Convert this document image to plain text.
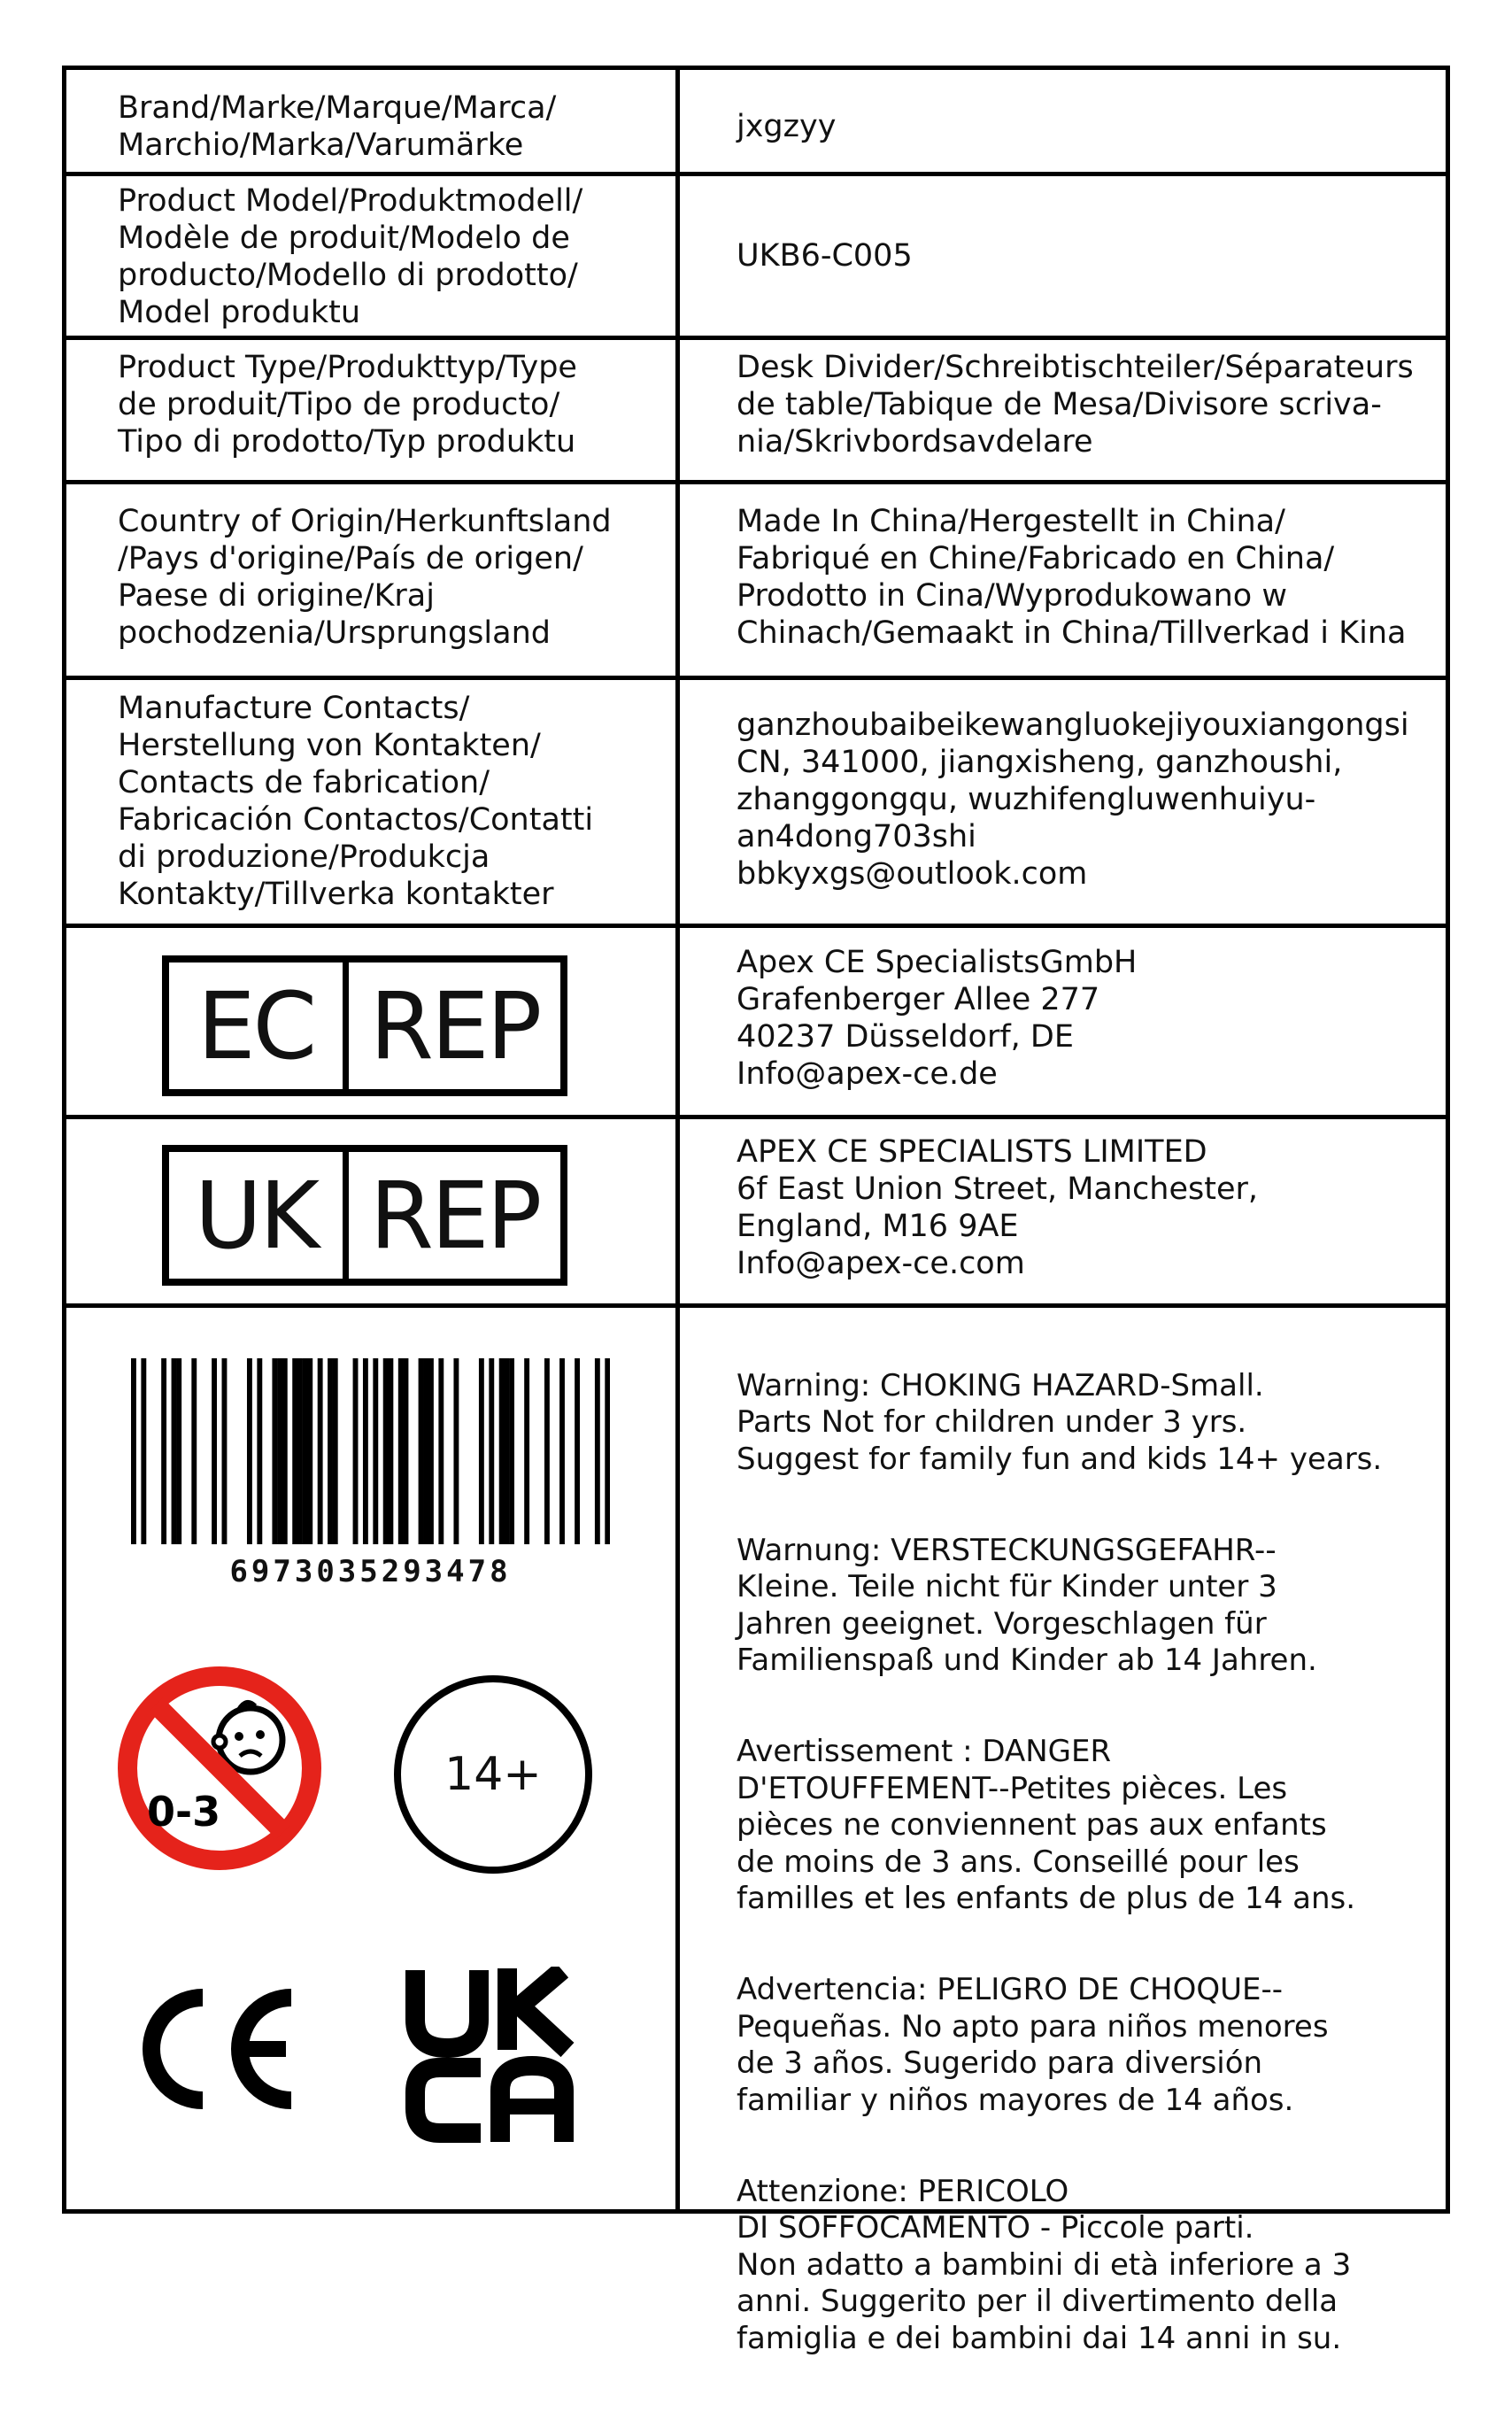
Brand/Marke/Marque/Marca/
Marchio/Marka/Varumärke
jxgzyy
Product Model/Produktmodell/
Modèle de produit/Modelo de
producto/Modello di prodotto/
Model produktu
UKB6-C005
Product Type/Produkttyp/Type
de produit/Tipo de producto/
Tipo di prodotto/Typ produktu
Desk Divider/Schreibtischteiler/Séparateurs
de table/Tabique de Mesa/Divisore scriva-
nia/Skrivbordsavdelare
Country of Origin/Herkunftsland
/Pays d'origine/País de origen/
Paese di origine/Kraj
pochodzenia/Ursprungsland
Made In China/Hergestellt in China/
Fabriqué en Chine/Fabricado en China/
Prodotto in Cina/Wyprodukowano w
Chinach/Gemaakt in China/Tillverkad i Kina
Manufacture Contacts/
Herstellung von Kontakten/
Contacts de fabrication/
Fabricación Contactos/Contatti
di produzione/Produkcja
Kontakty/Tillverka kontakter
ganzhoubaibeikewangluokejiyouxiangongsi
CN, 341000, jiangxisheng, ganzhoushi,
zhanggongqu, wuzhifengluwenhuiyu-
an4dong703shi
bbkyxgs@outlook.com
EC REP
Apex CE SpecialistsGmbH
Grafenberger Allee 277
40237 Düsseldorf, DE
Info@apex-ce.de
UK REP
APEX CE SPECIALISTS LIMITED
6f East Union Street, Manchester,
England, M16 9AE
Info@apex-ce.com
6973035293478
0-3
14+

Warning: CHOKING HAZARD-Small.
Parts Not for children under 3 yrs.
Suggest for family fun and kids 14+ years.

Warnung: VERSTECKUNGSGEFAHR--
Kleine. Teile nicht für Kinder unter 3
Jahren geeignet. Vorgeschlagen für
Familienspaß und Kinder ab 14 Jahren.

Avertissement : DANGER
D'ETOUFFEMENT--Petites pièces. Les
pièces ne conviennent pas aux enfants
de moins de 3 ans. Conseillé pour les
familles et les enfants de plus de 14 ans.

Advertencia: PELIGRO DE CHOQUE--
Pequeñas. No apto para niños menores
de 3 años. Sugerido para diversión
familiar y niños mayores de 14 años.

Attenzione: PERICOLO
DI SOFFOCAMENTO - Piccole parti.
Non adatto a bambini di età inferiore a 3
anni. Suggerito per il divertimento della
famiglia e dei bambini dai 14 anni in su.
